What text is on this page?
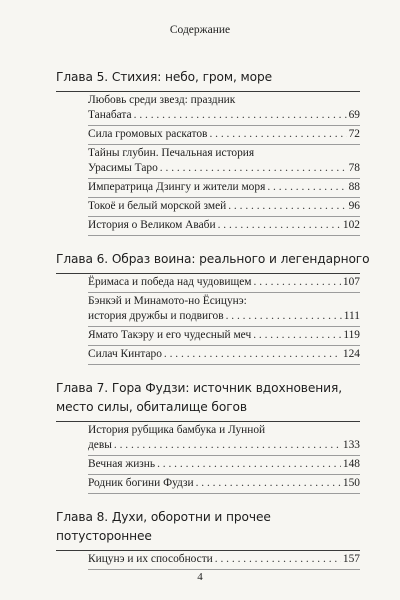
Содержание
Глава 5. Стихия: небо, гром, море
Любовь среди звезд: праздник
Танабата . . .	69
Сила громовых раскатов . . .	72
Тайны глубин. Печальная история
Урасимы Таро . . .	78
Императрица Дзингу и жители моря . . .	88
Токоё и белый морской змей . . .	96
История о Великом Аваби . . .	102
Глава 6. Образ воина: реального и легендарного
Ёримаса и победа над чудовищем . . .	107
Бэнкэй и Минамото-но Ёсицунэ:
история дружбы и подвигов . . .	111
Ямато Такэру и его чудесный меч . . .	119
Силач Кинтаро . . .	124
Глава 7. Гора Фудзи: источник вдохновения,
место силы, обиталище богов
История рубщика бамбука и Лунной
девы . . .	133
Вечная жизнь . . .	148
Родник богини Фудзи . . .	150
Глава 8. Духи, оборотни и прочее
потустороннее
Кицунэ и их способности . . .	157
4
